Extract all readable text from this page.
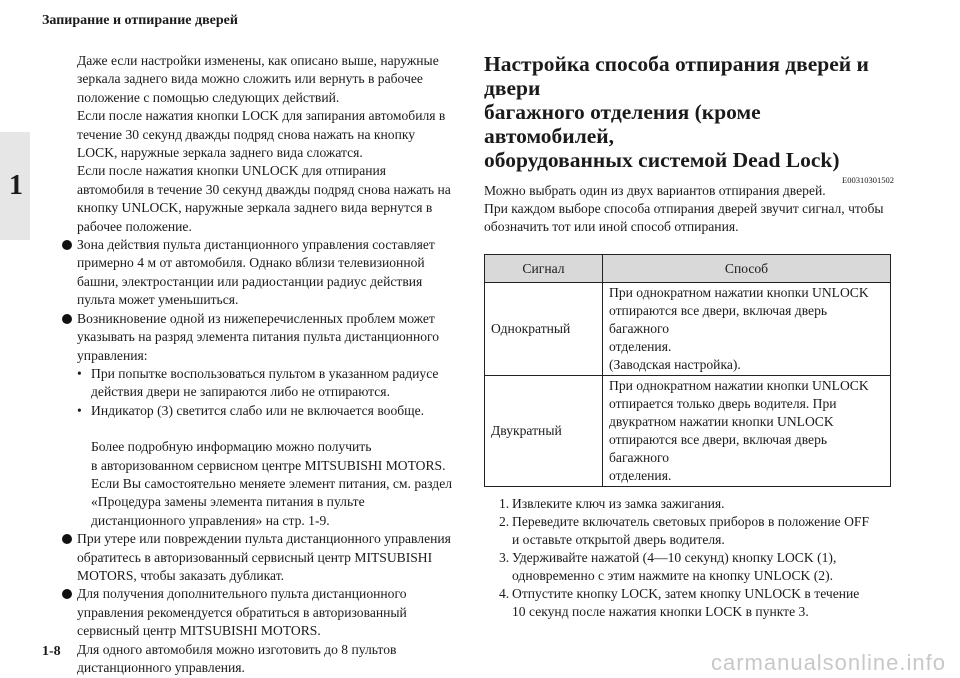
Запирание и отпирание дверей
1

Даже если настройки изменены, как описано выше, наружные

зеркала заднего вида можно сложить или вернуть в рабочее

положение с помощью следующих действий.

Если после нажатия кнопки LOCK для запирания автомобиля в

течение 30 секунд дважды подряд снова нажать на кнопку

LOCK, наружные зеркала заднего вида сложатся.

Если после нажатия кнопки UNLOCK для отпирания

автомобиля в течение 30 секунд дважды подряд снова нажать на

кнопку UNLOCK, наружные зеркала заднего вида вернутся в

рабочее положение.

Зона действия пульта дистанционного управления составляет

примерно 4 м от автомобиля. Однако вблизи телевизионной

башни, электростанции или радиостанции радиус действия

пульта может уменьшиться.

Возникновение одной из нижеперечисленных проблем может

указывать на разряд элемента питания пульта дистанционного

управления:

• При попытке воспользоваться пультом в указанном радиусе

действия двери не запираются либо не отпираются.

• Индикатор (3) светится слабо или не включается вообще.

Более подробную информацию можно получить

в авторизованном сервисном центре MITSUBISHI MOTORS.

Если Вы самостоятельно меняете элемент питания, см. раздел

«Процедура замены элемента питания в пульте

дистанционного управления» на стр. 1-9.

При утере или повреждении пульта дистанционного управления

обратитесь в авторизованный сервисный центр MITSUBISHI

MOTORS, чтобы заказать дубликат.

Для получения дополнительного пульта дистанционного

управления рекомендуется обратиться в авторизованный

сервисный центр MITSUBISHI MOTORS.

Для одного автомобиля можно изготовить до 8 пультов

дистанционного управления.

Настройка способа отпирания дверей и двери

багажного отделения (кроме автомобилей,

оборудованных системой Dead Lock)

E00310301502

Можно выбрать один из двух вариантов отпирания дверей.

При каждом выборе способа отпирания дверей звучит сигнал, чтобы

обозначить тот или иной способ отпирания.

Сигнал	Способ
Однократный	При однократном нажатии кнопки UNLOCK
отпираются все двери, включая дверь багажного
отделения.
(Заводская настройка).

Двукратный	При однократном нажатии кнопки UNLOCK
отпирается только дверь водителя. При
двукратном нажатии кнопки UNLOCK
отпираются все двери, включая дверь багажного
отделения.
1. Извлеките ключ из замка зажигания.
2. Переведите включатель световых приборов в положение OFF
и оставьте открытой дверь водителя.
3. Удерживайте нажатой (4—10 секунд) кнопку LOCK (1),
одновременно с этим нажмите на кнопку UNLOCK (2).
4. Отпустите кнопку LOCK, затем кнопку UNLOCK в течение
10 секунд после нажатия кнопки LOCK в пункте 3.
1-8	carmanualsonline.info
